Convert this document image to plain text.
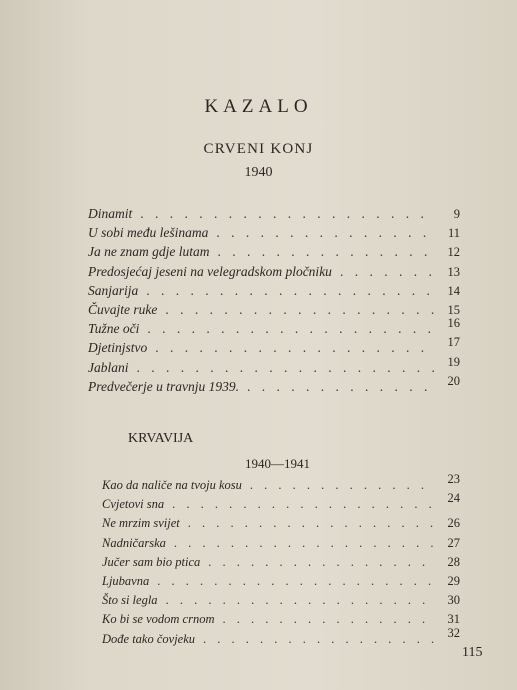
KAZALO
CRVENI KONJ
1940
Dinamit . . .	9
U sobi među lešinama . . .	11
Ja ne znam gdje lutam . . .	12
Predosjećaj jeseni na velegradskom pločniku . . .	13
Sanjarija . . .	14
Čuvajte ruke . . .	15
Tužne oči . . .	16
Djetinjstvo . . .	17
Jablani . . .	19
Predvečerje u travnju 1939. . . .	20
KRVAVIJA
1940—1941
Kao da naliče na tvoju kosu . . .	23
Cvjetovi sna . . .	24
Ne mrzim svijet . . .	26
Nadničarska . . .	27
Jučer sam bio ptica . . .	28
Ljubavna . . .	29
Što si legla . . .	30
Ko bi se vodom crnom . . .	31
Dođe tako čovjeku . . .	32
115
